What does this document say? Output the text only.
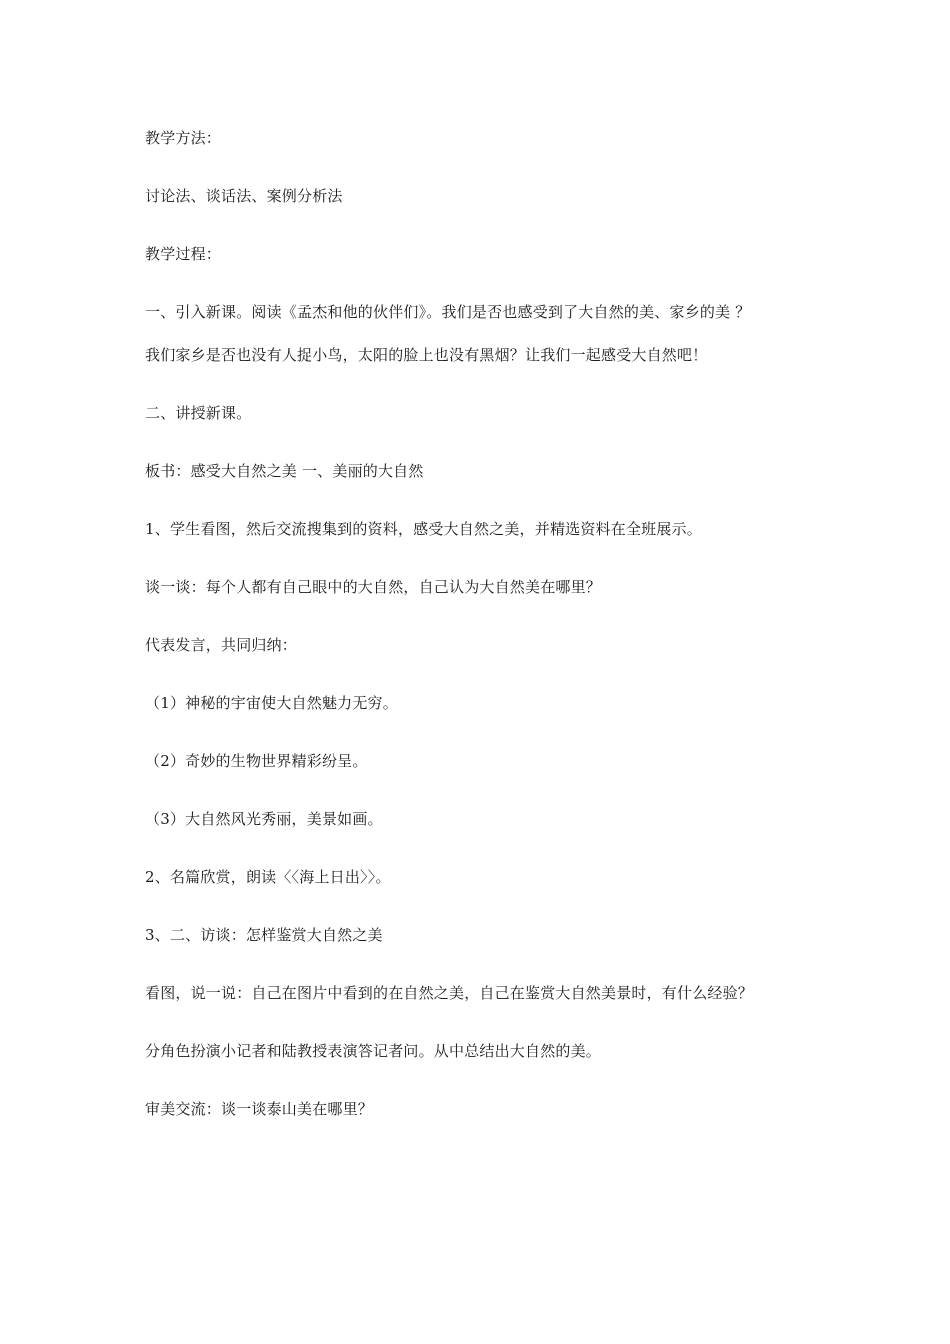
教学方法：
讨论法、谈话法、案例分析法
教学过程：
一、引入新课。阅读《孟杰和他的伙伴们》。我们是否也感受到了大自然的美、家乡的美 ？
我们家乡是否也没有人捉小鸟，太阳的脸上也没有黑烟？让我们一起感受大自然吧！
二、讲授新课。
板书：感受大自然之美 一、美丽的大自然
1、学生看图，然后交流搜集到的资料，感受大自然之美，并精选资料在全班展示。
谈一谈：每个人都有自己眼中的大自然，自己认为大自然美在哪里？
代表发言，共同归纳：
（1）神秘的宇宙使大自然魅力无穷。
（2）奇妙的生物世界精彩纷呈。
（3）大自然风光秀丽，美景如画。
2、名篇欣赏，朗读〈〈海上日出〉〉。
3、二、访谈：怎样鉴赏大自然之美
看图，说一说：自己在图片中看到的在自然之美，自己在鉴赏大自然美景时，有什么经验？
分角色扮演小记者和陆教授表演答记者问。从中总结出大自然的美。
审美交流：谈一谈泰山美在哪里？
